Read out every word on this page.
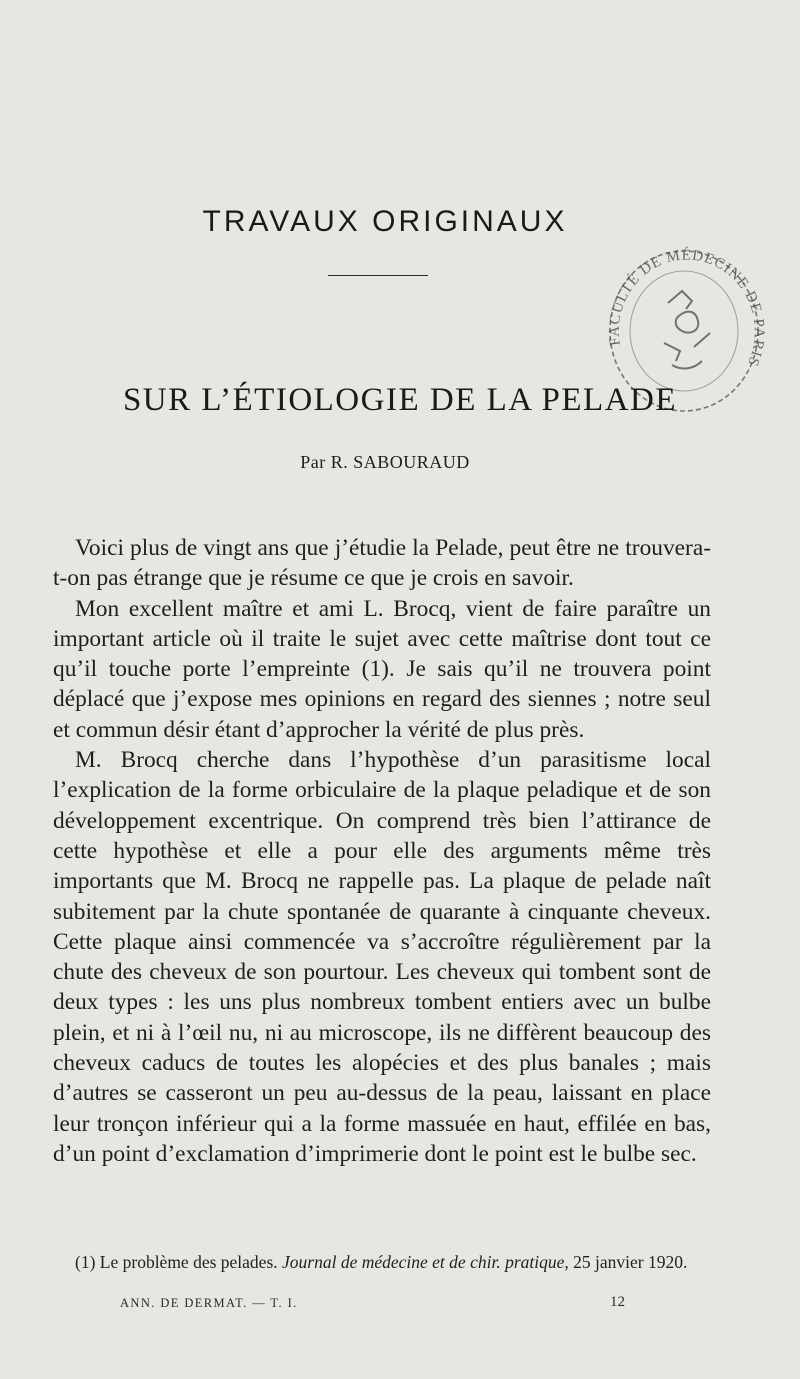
TRAVAUX ORIGINAUX
FACULTÉ DE MÉDECINE DE PARIS
SUR L’ÉTIOLOGIE DE LA PELADE
Par R. SABOURAUD

Voici plus de vingt ans que j’étudie la Pelade, peut être ne trouvera-t-on pas étrange que je résume ce que je crois en savoir.

Mon excellent maître et ami L. Brocq, vient de faire paraître un important article où il traite le sujet avec cette maîtrise dont tout ce qu’il touche porte l’empreinte (1). Je sais qu’il ne trouvera point déplacé que j’expose mes opinions en regard des siennes ; notre seul et commun désir étant d’approcher la vérité de plus près.

M. Brocq cherche dans l’hypothèse d’un parasitisme local l’explication de la forme orbiculaire de la plaque peladique et de son développement excentrique. On comprend très bien l’attirance de cette hypothèse et elle a pour elle des arguments même très importants que M. Brocq ne rappelle pas. La plaque de pelade naît subitement par la chute spontanée de quarante à cinquante cheveux. Cette plaque ainsi commencée va s’accroître régulièrement par la chute des cheveux de son pourtour. Les cheveux qui tombent sont de deux types : les uns plus nombreux tombent entiers avec un bulbe plein, et ni à l’œil nu, ni au microscope, ils ne diffèrent beaucoup des cheveux caducs de toutes les alopécies et des plus banales ; mais d’autres se casseront un peu au-dessus de la peau, laissant en place leur tronçon inférieur qui a la forme massuée en haut, effilée en bas, d’un point d’exclamation d’imprimerie dont le point est le bulbe sec.

(1) Le problème des pelades. Journal de médecine et de chir. pratique, 25 janvier 1920.

ANN. DE DERMAT. — T. I.	12
